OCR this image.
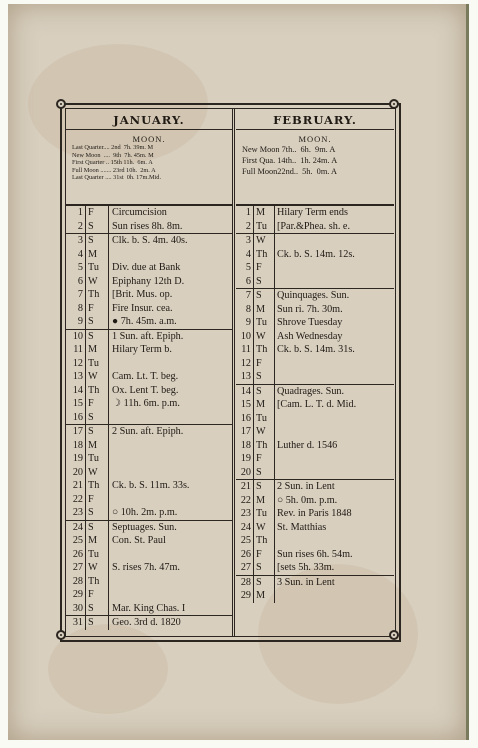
JANUARY.
MOON.
Last Quarter.... 2nd  7h. 39m. M
New Moon  ....  9th  7h. 45m. M
First Quarter .. 15th 11h.  6m. A
Full Moon ....... 23rd 10h.  2m. A
Last Quarter .... 31st  0h. 17m.Mid.
1 F	Circumcision
2 S	Sun rises 8h. 8m.
3 S	Clk. b. S. 4m. 40s.
4 M
5 Tu	Div. due at Bank
6 W	Epiphany 12th D.
7 Th	[Brit. Mus. op.
8 F	Fire Insur. cea.
9 S	● 7h. 45m. a.m.
10 S	1 Sun. aft. Epiph.
11 M	Hilary Term b.
12 Tu
13 W	Cam. Lt. T. beg.
14 Th	Ox. Lent T. beg.
15 F	☽ 11h. 6m. p.m.
16 S
17 S	2 Sun. aft. Epiph.
18 M
19 Tu
20 W
21 Th	Ck. b. S. 11m. 33s.
22 F
23 S	○ 10h. 2m. p.m.
24 S	Septuages. Sun.
25 M	Con. St. Paul
26 Tu
27 W	S. rises 7h. 47m.
28 Th
29 F
30 S	Mar. King Chas. I
31 S	Geo. 3rd d. 1820
FEBRUARY.
MOON.
New Moon 7th..  6h.  9m. A
First Qua. 14th..  1h. 24m. A
Full Moon22nd..  5h.  0m. A
1 M	Hilary Term ends
2 Tu [Par.&Phea. sh. e.
3 W
4 Th Ck. b. S. 14m. 12s.
5 F
6 S
7 S	Quinquages. Sun.
8 M	Sun ri. 7h. 30m.
9 Tu Shrove Tuesday
10 W	Ash Wednesday
11 Th Ck. b. S. 14m. 31s.
12 F
13 S
14 S	Quadrages. Sun.
15 M	[Cam. L. T. d. Mid.
16 Tu
17 W
18 Th Luther d. 1546
19 F
20 S
21 S	2 Sun. in Lent
22 M	○ 5h. 0m. p.m.
23 Tu Rev. in Paris 1848
24 W	St. Matthias
25 Th
26 F	Sun rises 6h. 54m.
27 S	[sets 5h. 33m.
28 S	3 Sun. in Lent
29 M
